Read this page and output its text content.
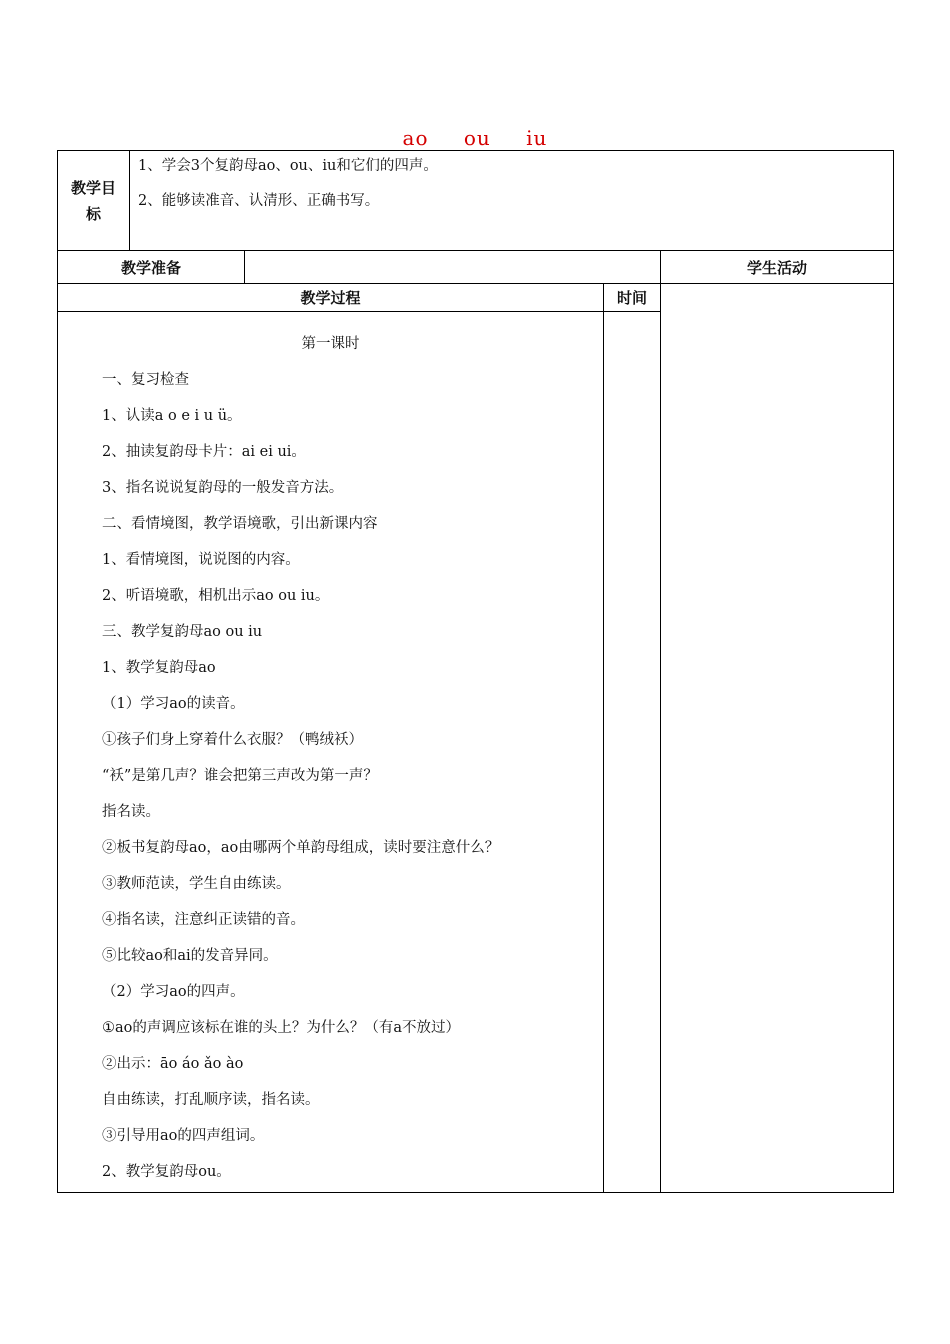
ao ou iu
教学目标
1、学会3个复韵母ao、ou、iu和它们的四声。
2、能够读准音、认清形、正确书写。
教学准备	学生活动
教学过程	时间
第一课时
一、复习检查
1、认读a o e i u ü。
2、抽读复韵母卡片：ai ei ui。
3、指名说说复韵母的一般发音方法。
二、看情境图，教学语境歌，引出新课内容
1、看情境图，说说图的内容。
2、听语境歌，相机出示ao ou iu。
三、教学复韵母ao ou iu
1、教学复韵母ao
（1）学习ao的读音。
①孩子们身上穿着什么衣服？（鸭绒袄）
“袄”是第几声？谁会把第三声改为第一声？
指名读。
②板书复韵母ao，ao由哪两个单韵母组成，读时要注意什么？
③教师范读，学生自由练读。
④指名读，注意纠正读错的音。
⑤比较ao和ai的发音异同。
（2）学习ao的四声。
①ao的声调应该标在谁的头上？为什么？（有a不放过）
②出示：āo áo ǎo ào
自由练读，打乱顺序读，指名读。
③引导用ao的四声组词。
2、教学复韵母ou。
